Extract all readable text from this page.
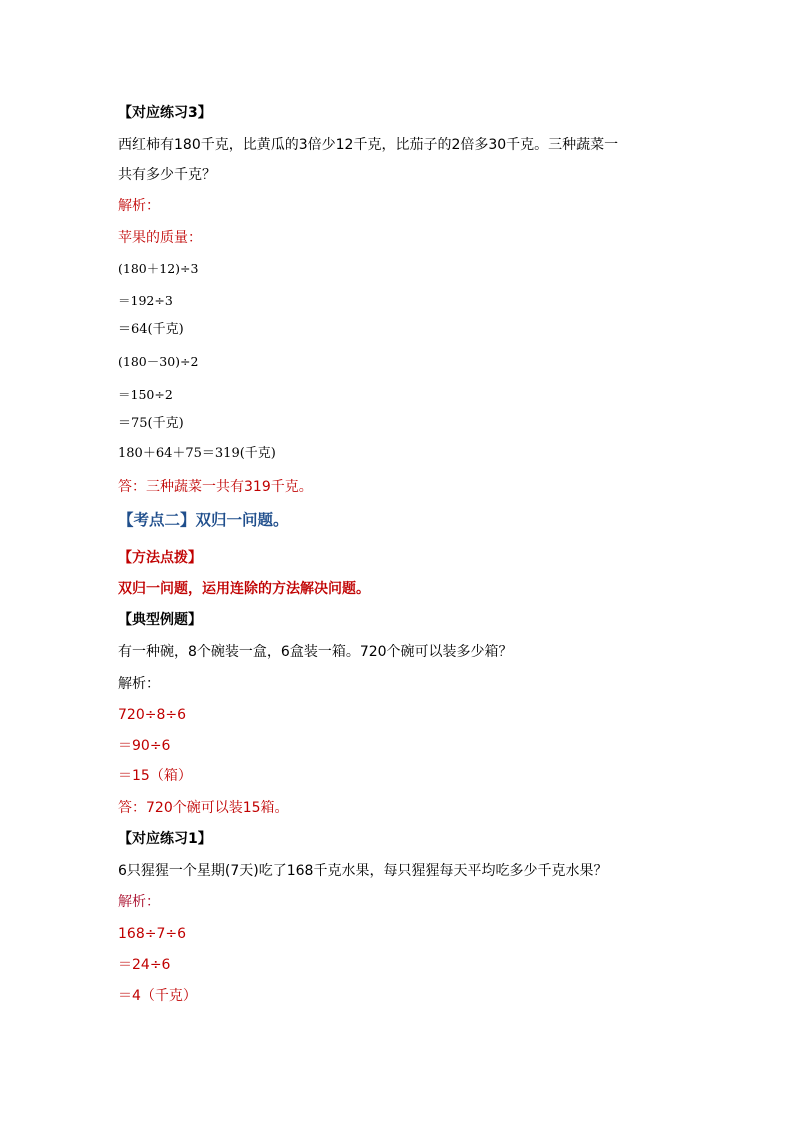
【对应练习3】
西红柿有180千克，比黄瓜的3倍少12千克，比茄子的2倍多30千克。三种蔬菜一
共有多少千克？
解析：
苹果的质量：
(180＋12)÷3
＝192÷3
＝64(千克)
(180－30)÷2
＝150÷2
＝75(千克)
180＋64＋75＝319(千克)
答：三种蔬菜一共有319千克。
【考点二】双归一问题。
【方法点拨】
双归一问题，运用连除的方法解决问题。
【典型例题】
有一种碗，8个碗装一盒，6盒装一箱。720个碗可以装多少箱？
解析：
720÷8÷6
＝90÷6
＝15（箱）
答：720个碗可以装15箱。
【对应练习1】
6只猩猩一个星期(7天)吃了168千克水果，每只猩猩每天平均吃多少千克水果？
解析：
168÷7÷6
＝24÷6
＝4（千克）
